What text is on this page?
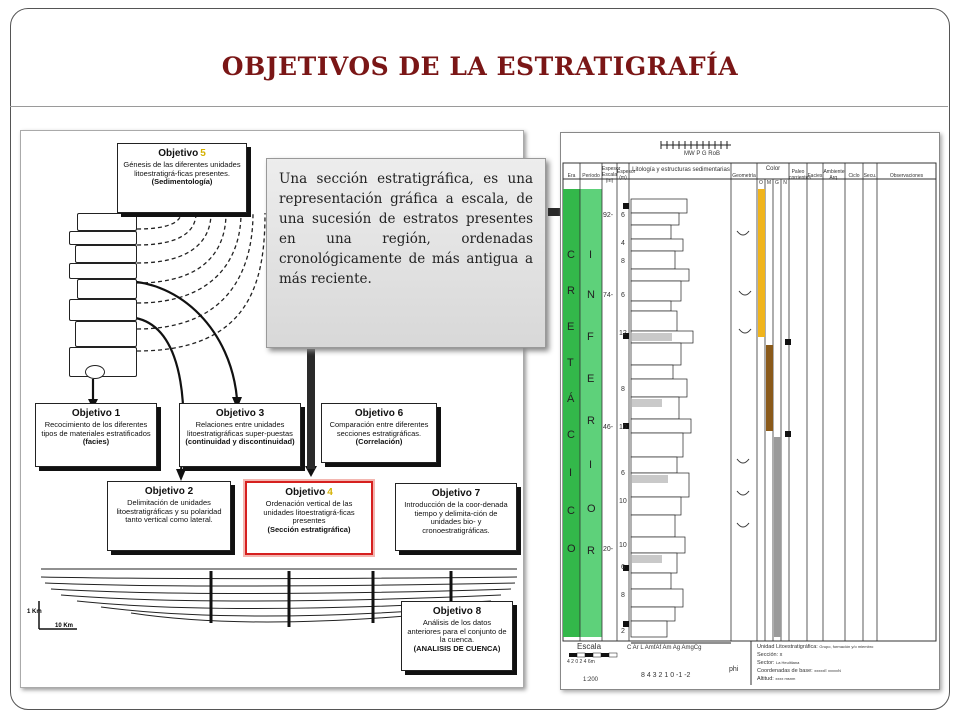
OBJETIVOS DE LA ESTRATIGRAFÍA
Objetivo 5
Génesis de las diferentes unidades litoestratigrá-ficas presentes.
(Sedimentología)
Objetivo 1
Recocimiento de los diferentes tipos de materiales estratificados
(facies)
Objetivo 3
Relaciones entre unidades litoestratigráficas super-puestas
(continuidad y discontinuidad)
Objetivo 6
Comparación entre diferentes secciones estratigráficas.
(Correlación)
Objetivo 2
Delimitación de unidades litoestratigráficas y su polaridad tanto vertical como lateral.
Objetivo 4
Ordenación vertical de las unidades litoestratigrá-ficas presentes
(Sección estratigráfica)
Objetivo 7
Introducción de la coor-denada tiempo y delimita-ción de unidades bio- y cronoestratigráficas.
Objetivo 8
Análisis de los datos anteriores para el conjunto de la cuenca.
(ANALISIS DE CUENCA)
1 Km
10 Km
Una sección estratigráfica, es una representación gráfica a escala, de una sucesión de estratos presentes en una región, ordenadas cronológicamente de más antigua a más reciente.
MW P G RoB
Era	Período
Espesor Escala (m)
Espesor (m)
Litología y estructuras sedimentarias
Geometría
Color
O M G N
Paleo corrientes
Facies
Ambiente Arq.	Ciclo Secu.	Observaciones
C
R
E
T
Á
C
I
C
O
I
N
F
E
R
I
O
R
92-
74-
46-
20-
6
4
8
6
12
8
10
6
10
10
6
8
2
C Ar L AmfAf Am Ag AmgCg
8 4 3 2 1 0 -1 -2
phi
Escala
4 2 0 2 4 6m
1:200
Unidad Litoestratigráfica: Grupo, formación y/o miembro
Sección: x
Sector: La Heulitiana
Coordenadas de base: xxxxxE xxxxxN
Altitud: xxxx msnm
